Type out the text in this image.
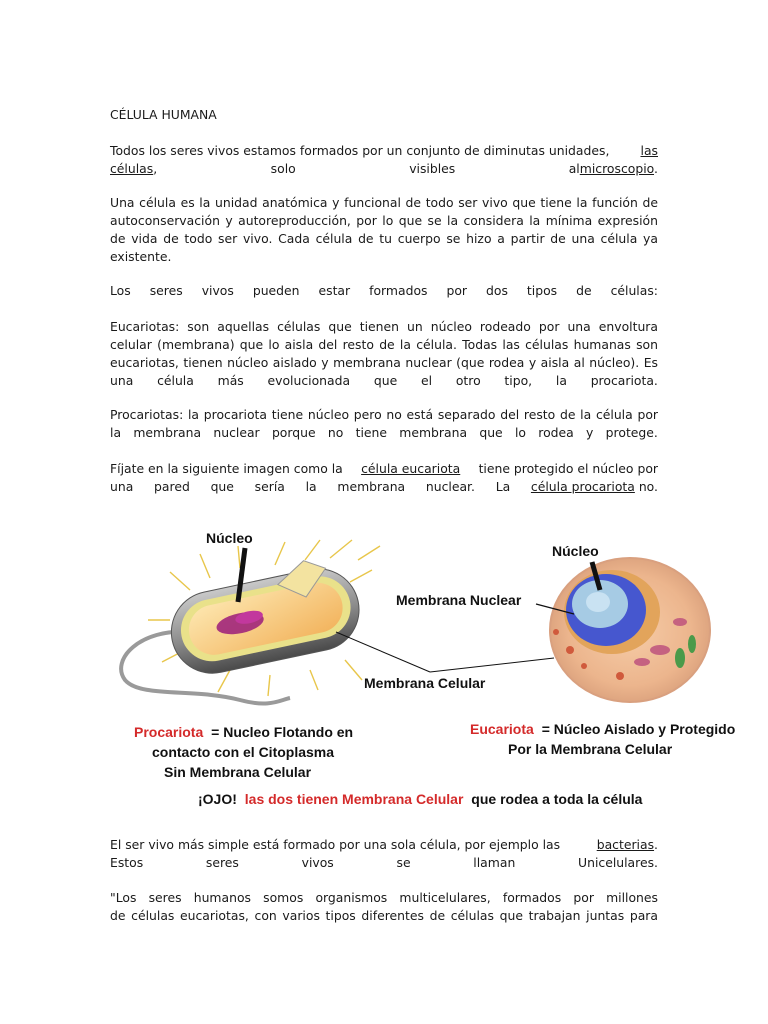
CÉLULA HUMANA
Todos los seres vivos estamos formados por un conjunto de diminutas unidades,	las
células,	solo	visibles	almicroscopio.
Una célula es la unidad anatómica y funcional de todo ser vivo que tiene la función de
autoconservación y autoreproducción, por lo que se la considera la mínima expresión
de vida de todo ser vivo. Cada célula de tu cuerpo se hizo a partir de una célula ya
existente.
Los seres vivos pueden estar formados por dos tipos de células:
Eucariotas: son aquellas células que tienen un núcleo rodeado por una envoltura
celular (membrana) que lo aisla del resto de la célula. Todas las células humanas son
eucariotas, tienen núcleo aislado y membrana nuclear (que rodea y aisla al núcleo). Es
una célula más evolucionada que el otro tipo, la procariota.
Procariotas: la procariota tiene núcleo pero no está separado del resto de la célula por
la membrana nuclear porque no tiene membrana que lo rodea y protege.
Fíjate en la siguiente imagen como la célula eucariota tiene protegido el núcleo por
una pared que sería la membrana nuclear. La célula procariota no.
Núcleo
Núcleo
Membrana Nuclear
Membrana Celular
Procariota = Nucleo Flotando en
contacto con el Citoplasma
Sin Membrana Celular
Eucariota = Núcleo Aislado y Protegido
Por la Membrana Celular
¡OJO! las dos tienen Membrana Celular que rodea a toda la célula
El ser vivo más simple está formado por una sola célula, por ejemplo las	bacterias.
Estos	seres	vivos	se	llaman	Unicelulares.
"Los seres humanos somos organismos multicelulares, formados por millones
de células eucariotas, con varios tipos diferentes de células que trabajan juntas para
